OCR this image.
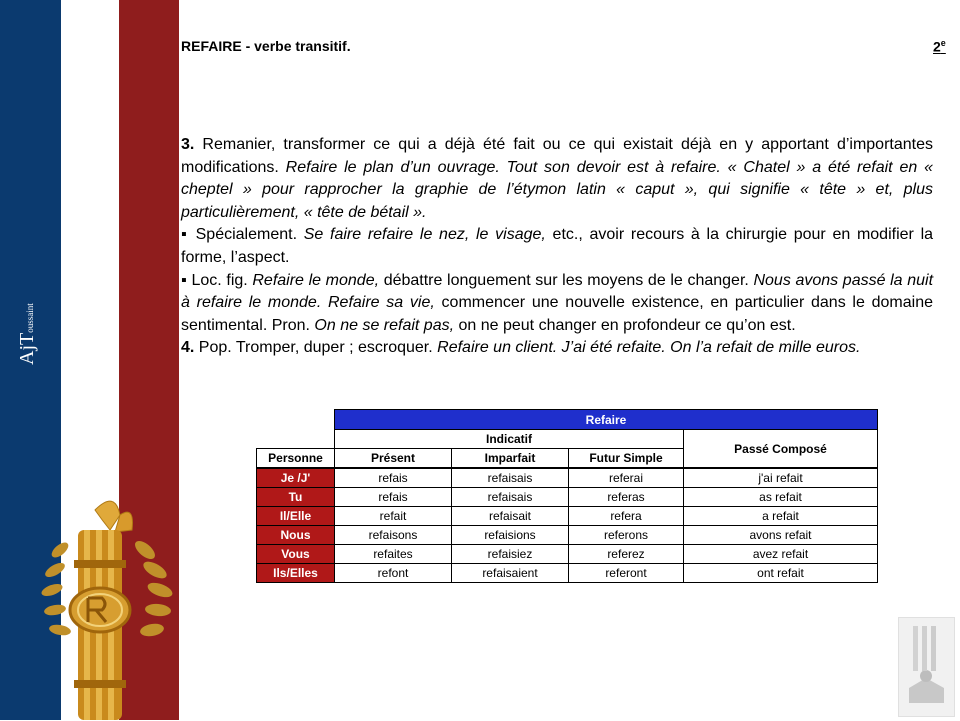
AjToussaint
REFAIRE - verbe transitif.	2e

3. Remanier, transformer ce qui a déjà été fait ou ce qui existait déjà en y apportant d’importantes modifications. Refaire le plan d’un ouvrage. Tout son devoir est à refaire. « Chatel » a été refait en « cheptel » pour rapprocher la graphie de l’étymon latin « caput », qui signifie « tête » et, plus particulièrement, « tête de bétail ».

▪ Spécialement. Se faire refaire le nez, le visage, etc., avoir recours à la chirurgie pour en modifier la forme, l’aspect.

▪ Loc. fig. Refaire le monde, débattre longuement sur les moyens de le changer. Nous avons passé la nuit à refaire le monde. Refaire sa vie, commencer une nouvelle existence, en particulier dans le domaine sentimental. Pron. On ne se refait pas, on ne peut changer en profondeur ce qu’on est.

4. Pop. Tromper, duper ; escroquer. Refaire un client. J’ai été refaite. On l’a refait de mille euros.

	Refaire			
	Indicatif			Passé Composé
Personne	Présent	Imparfait	Futur Simple	
Je /J'	refais	refaisais	referai	j'ai refait
Tu	refais	refaisais	referas	as refait
Il/Elle	refait	refaisait	refera	a refait
Nous	refaisons	refaisions	referons	avons refait
Vous	refaites	refaisiez	referez	avez refait
Ils/Elles	refont	refaisaient	referont	ont refait
